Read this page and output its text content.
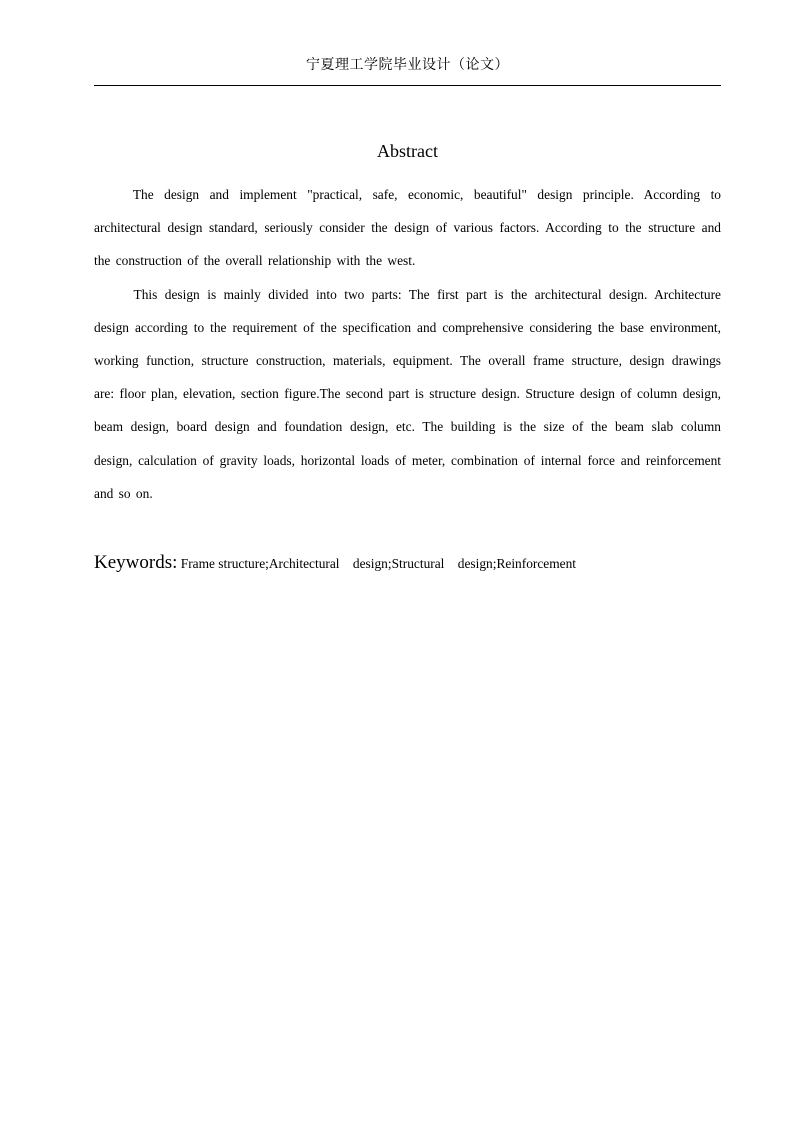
宁夏理工学院毕业设计（论文）
Abstract

The design and implement "practical, safe, economic, beautiful" design principle. According to architectural design standard, seriously consider the design of various factors. According to the structure and the construction of the overall relationship with the west.

This design is mainly divided into two parts: The first part is the architectural design. Architecture design according to the requirement of the specification and comprehensive considering the base environment, working function, structure construction, materials, equipment. The overall frame structure, design drawings are: floor plan, elevation, section figure.The second part is structure design. Structure design of column design, beam design, board design and foundation design, etc. The building is the size of the beam slab column design, calculation of gravity loads, horizontal loads of meter, combination of internal force and reinforcement and so on.

Keywords: Frame structure;Architectural　design;Structural　design;Reinforcement
